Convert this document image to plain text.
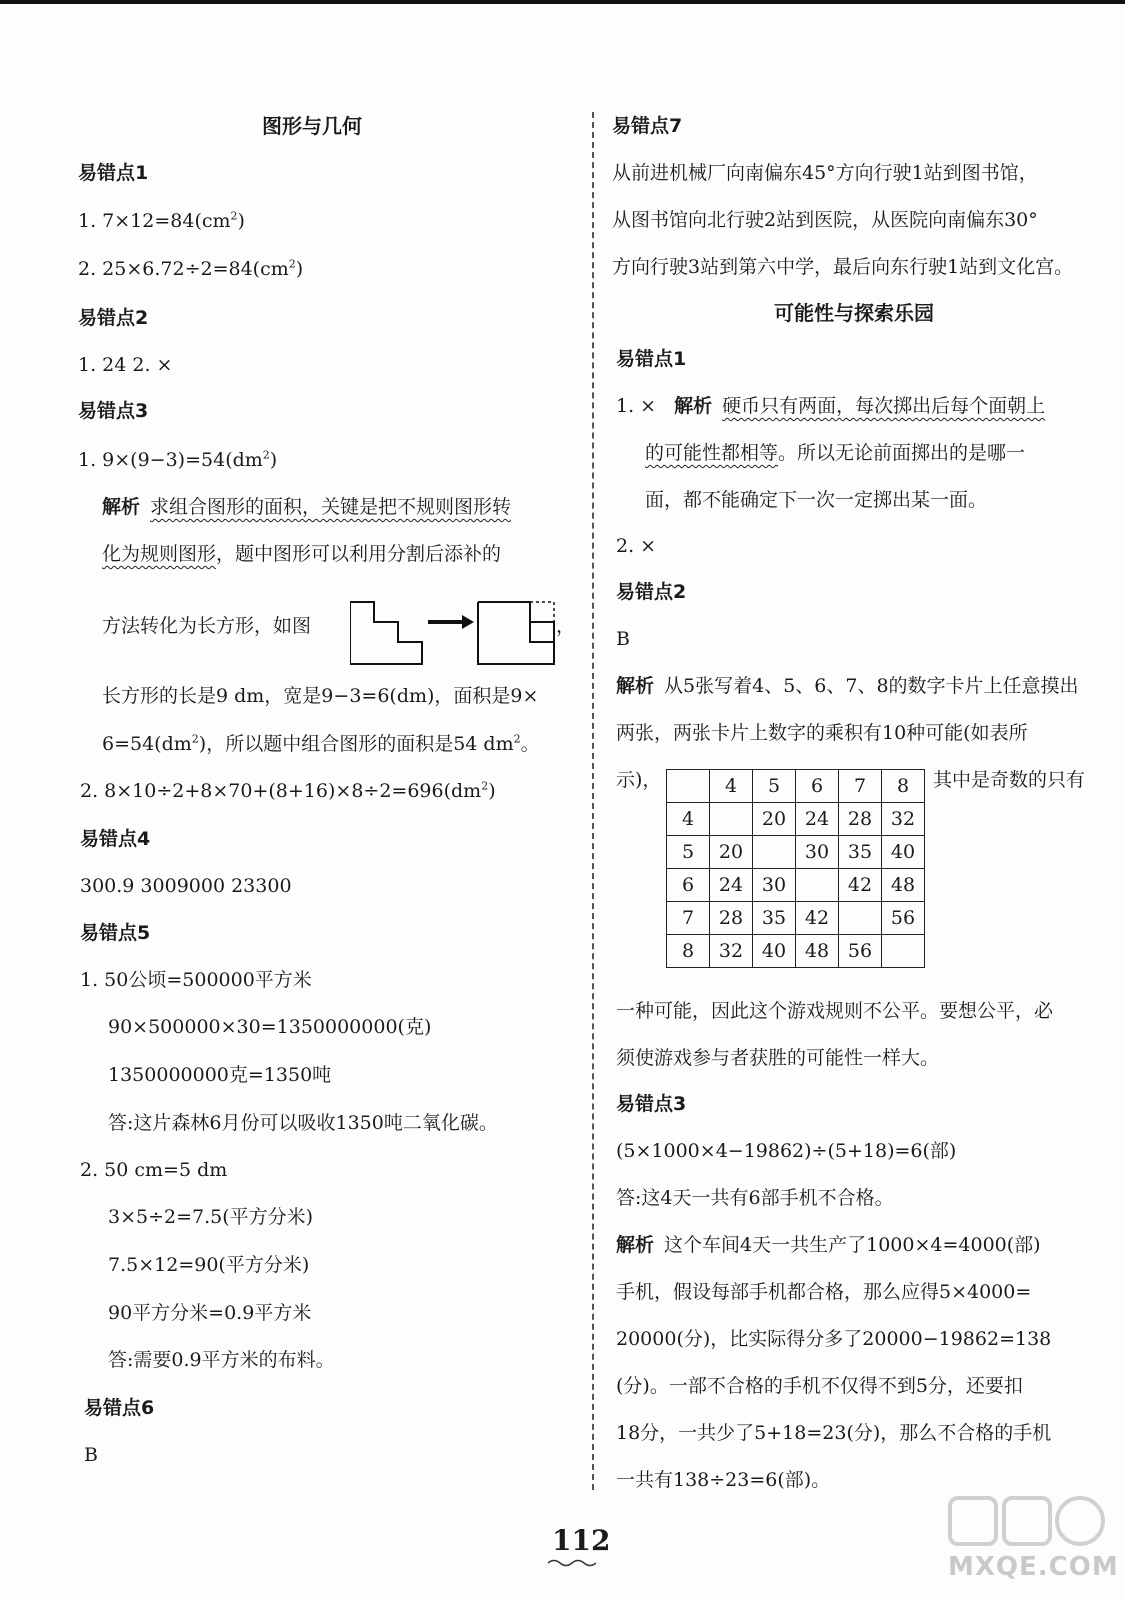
图形与几何
易错点1
1. $7\times 12=84(cm^2)$
2. $25\times 6.72\div 2=84(cm^2)$
易错点2
1. 24 2. ×
易错点3
1. $9\times(9-3)=54(dm^2)$
解析 求组合图形的面积，关键是把不规则图形转
化为规则图形，题中图形可以利用分割后添补的
方法转化为长方形，如图	，
长方形的长是9 dm，宽是9−3=6(dm)，面积是9×
$6=54(dm^2)$，所以题中组合图形的面积是54 $dm^2$。
2. $8\times 10\div 2+8\times 70+(8+16)\times 8\div 2=696(dm^2)$
易错点4
300.9 3009000 23300
易错点5
1. 50公顷=500000平方米
90×500000×30=1350000000(克)
1350000000克=1350吨
答:这片森林6月份可以吸收1350吨二氧化碳。
2. 50 cm=5 dm
3×5÷2=7.5(平方分米)
7.5×12=90(平方分米)
90平方分米=0.9平方米
答:需要0.9平方米的布料。
易错点6
B
易错点7
从前进机械厂向南偏东45°方向行驶1站到图书馆，
从图书馆向北行驶2站到医院，从医院向南偏东30°
方向行驶3站到第六中学，最后向东行驶1站到文化宫。
可能性与探索乐园
易错点1
1. × 解析 硬币只有两面，每次掷出后每个面朝上
的可能性都相等。所以无论前面掷出的是哪一
面，都不能确定下一次一定掷出某一面。
2. ×
易错点2
B
解析 从5张写着4、5、6、7、8的数字卡片上任意摸出
两张，两张卡片上数字的乘积有10种可能(如表所
示)，	其中是奇数的只有
	4	5	6	7	8
4		20	24	28	32
5	20		30	35	40
6	24	30		42	48
7	28	35	42		56
8	32	40	48	56	
一种可能，因此这个游戏规则不公平。要想公平，必
须使游戏参与者获胜的可能性一样大。
易错点3
(5×1000×4−19862)÷(5+18)=6(部)
答:这4天一共有6部手机不合格。
解析 这个车间4天一共生产了1000×4=4000(部)
手机，假设每部手机都合格，那么应得5×4000=
20000(分)，比实际得分多了20000−19862=138
(分)。一部不合格的手机不仅得不到5分，还要扣
18分，一共少了5+18=23(分)，那么不合格的手机
一共有138÷23=6(部)。
112
MXQE.COM
